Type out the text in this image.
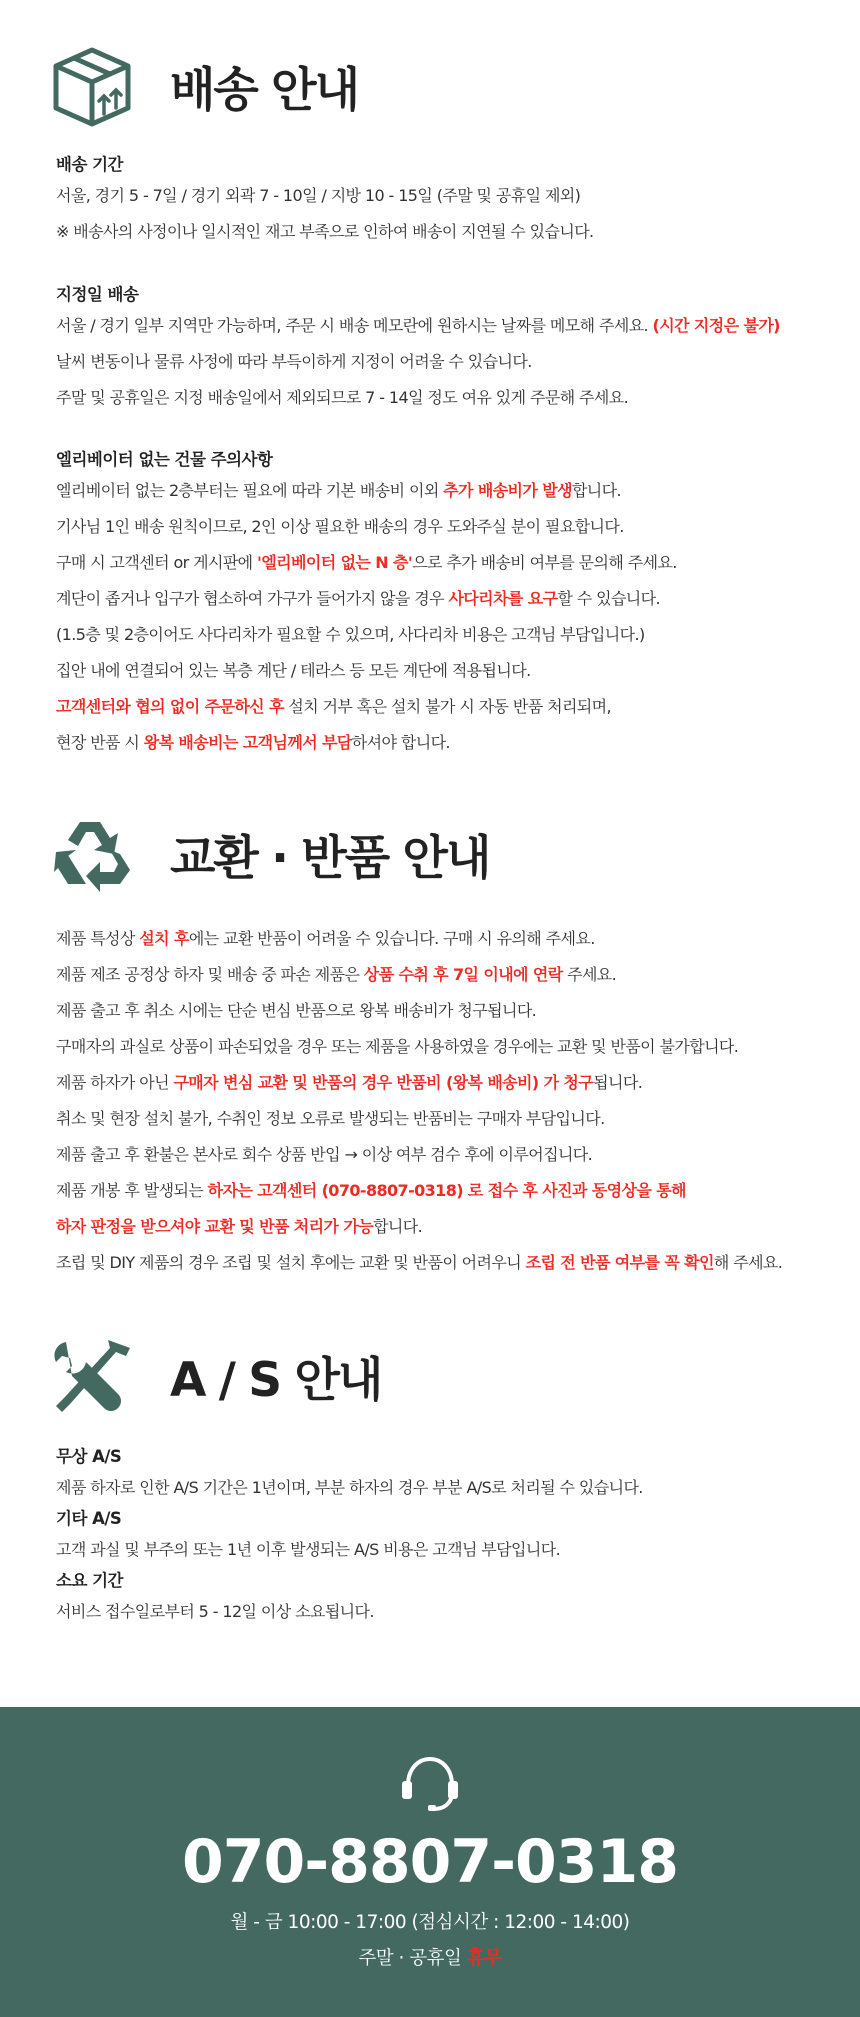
배송 안내
배송 기간
서울, 경기 5 - 7일 / 경기 외곽 7 - 10일 / 지방 10 - 15일 (주말 및 공휴일 제외)
※ 배송사의 사정이나 일시적인 재고 부족으로 인하여 배송이 지연될 수 있습니다.
지정일 배송
서울 / 경기 일부 지역만 가능하며, 주문 시 배송 메모란에 원하시는 날짜를 메모해 주세요. (시간 지정은 불가)
날씨 변동이나 물류 사정에 따라 부득이하게 지정이 어려울 수 있습니다.
주말 및 공휴일은 지정 배송일에서 제외되므로 7 - 14일 정도 여유 있게 주문해 주세요.
엘리베이터 없는 건물 주의사항
엘리베이터 없는 2층부터는 필요에 따라 기본 배송비 이외 추가 배송비가 발생합니다.
기사님 1인 배송 원칙이므로, 2인 이상 필요한 배송의 경우 도와주실 분이 필요합니다.
구매 시 고객센터 or 게시판에 '엘리베이터 없는 N 층'으로 추가 배송비 여부를 문의해 주세요.
계단이 좁거나 입구가 협소하여 가구가 들어가지 않을 경우 사다리차를 요구할 수 있습니다.
(1.5층 및 2층이어도 사다리차가 필요할 수 있으며, 사다리차 비용은 고객님 부담입니다.)
집안 내에 연결되어 있는 복층 계단 / 테라스 등 모든 계단에 적용됩니다.
고객센터와 협의 없이 주문하신 후 설치 거부 혹은 설치 불가 시 자동 반품 처리되며,
현장 반품 시 왕복 배송비는 고객님께서 부담하셔야 합니다.
교환 · 반품 안내
제품 특성상 설치 후에는 교환 반품이 어려울 수 있습니다. 구매 시 유의해 주세요.
제품 제조 공정상 하자 및 배송 중 파손 제품은 상품 수취 후 7일 이내에 연락 주세요.
제품 출고 후 취소 시에는 단순 변심 반품으로 왕복 배송비가 청구됩니다.
구매자의 과실로 상품이 파손되었을 경우 또는 제품을 사용하였을 경우에는 교환 및 반품이 불가합니다.
제품 하자가 아닌 구매자 변심 교환 및 반품의 경우 반품비 (왕복 배송비) 가 청구됩니다.
취소 및 현장 설치 불가, 수취인 정보 오류로 발생되는 반품비는 구매자 부담입니다.
제품 출고 후 환불은 본사로 회수 상품 반입 → 이상 여부 검수 후에 이루어집니다.
제품 개봉 후 발생되는 하자는 고객센터 (070-8807-0318) 로 접수 후 사진과 동영상을 통해
하자 판정을 받으셔야 교환 및 반품 처리가 가능합니다.
조립 및 DIY 제품의 경우 조립 및 설치 후에는 교환 및 반품이 어려우니 조립 전 반품 여부를 꼭 확인해 주세요.
A / S 안내
무상 A/S
제품 하자로 인한 A/S 기간은 1년이며, 부분 하자의 경우 부분 A/S로 처리될 수 있습니다.
기타 A/S
고객 과실 및 부주의 또는 1년 이후 발생되는 A/S 비용은 고객님 부담입니다.
소요 기간
서비스 접수일로부터 5 - 12일 이상 소요됩니다.
070-8807-0318
월 - 금 10:00 - 17:00 (점심시간 : 12:00 - 14:00)
주말 · 공휴일 휴무
